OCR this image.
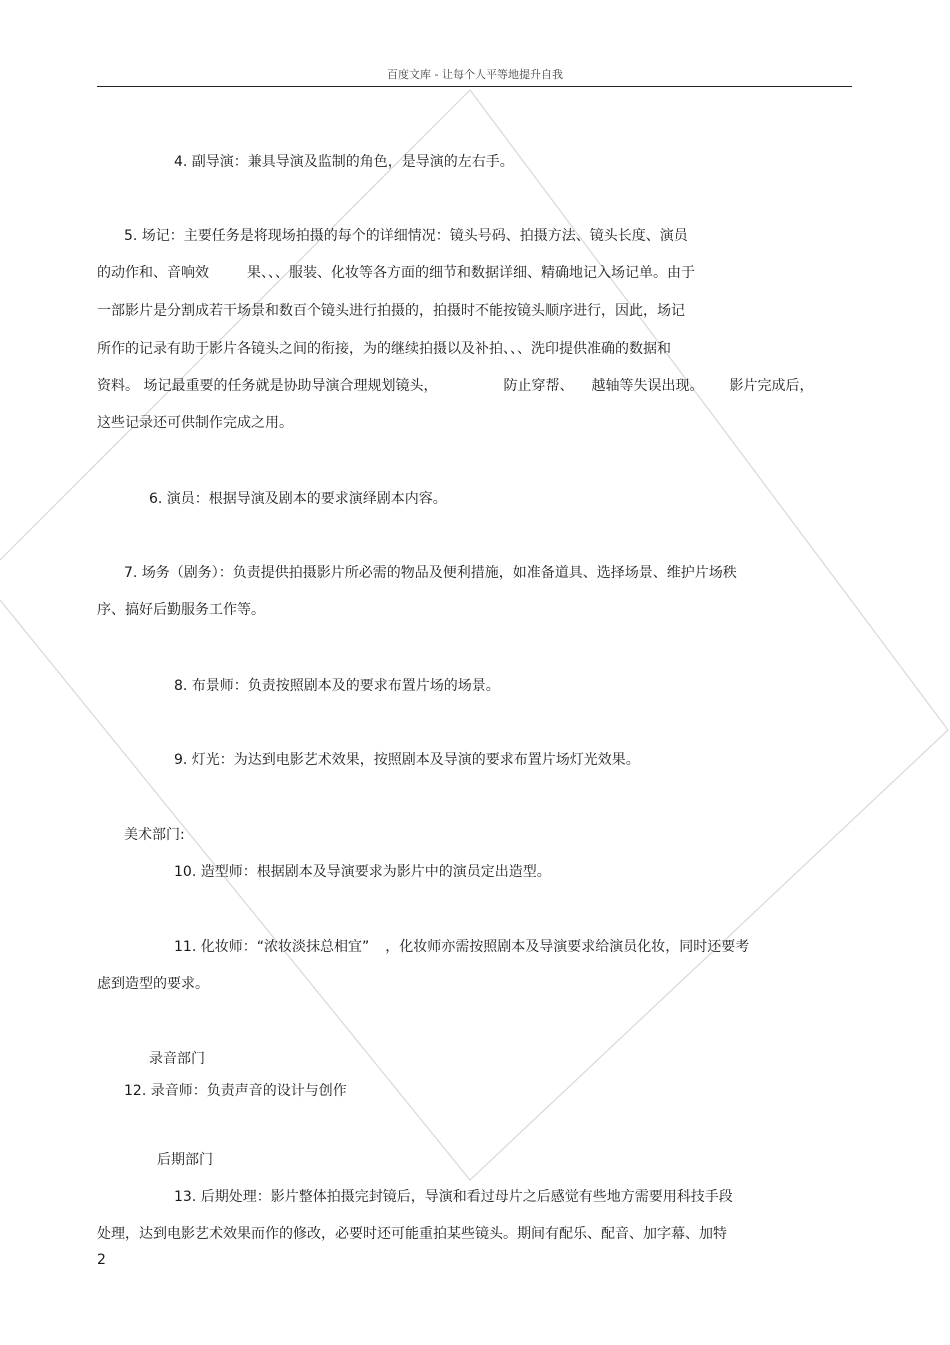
百度文库 - 让每个人平等地提升自我
4. 副导演：兼具导演及监制的角色，是导演的左右手。
5. 场记：主要任务是将现场拍摄的每个的详细情况：镜头号码、拍摄方法、镜头长度、演员
的动作和、音响效	果、、、服装、化妆等各方面的细节和数据详细、精确地记入场记单。由于
一部影片是分割成若干场景和数百个镜头进行拍摄的，拍摄时不能按镜头顺序进行，因此，场记
所作的记录有助于影片各镜头之间的衔接，为的继续拍摄以及补拍、、、洗印提供准确的数据和
资料。 场记最重要的任务就是协助导演合理规划镜头，	防止穿帮、 越轴等失误出现。 影片完成后，
这些记录还可供制作完成之用。
6. 演员：根据导演及剧本的要求演绎剧本内容。
7. 场务（剧务）：负责提供拍摄影片所必需的物品及便利措施，如准备道具、选择场景、维护片场秩
序、搞好后勤服务工作等。
8. 布景师：负责按照剧本及的要求布置片场的场景。
9. 灯光：为达到电影艺术效果，按照剧本及导演的要求布置片场灯光效果。
美术部门:
10. 造型师：根据剧本及导演要求为影片中的演员定出造型。
11. 化妆师：“浓妆淡抹总相宜” ，化妆师亦需按照剧本及导演要求给演员化妆，同时还要考
虑到造型的要求。
录音部门
12. 录音师：负责声音的设计与创作
后期部门
13. 后期处理：影片整体拍摄完封镜后，导演和看过母片之后感觉有些地方需要用科技手段
处理，达到电影艺术效果而作的修改，必要时还可能重拍某些镜头。期间有配乐、配音、加字幕、加特
2
